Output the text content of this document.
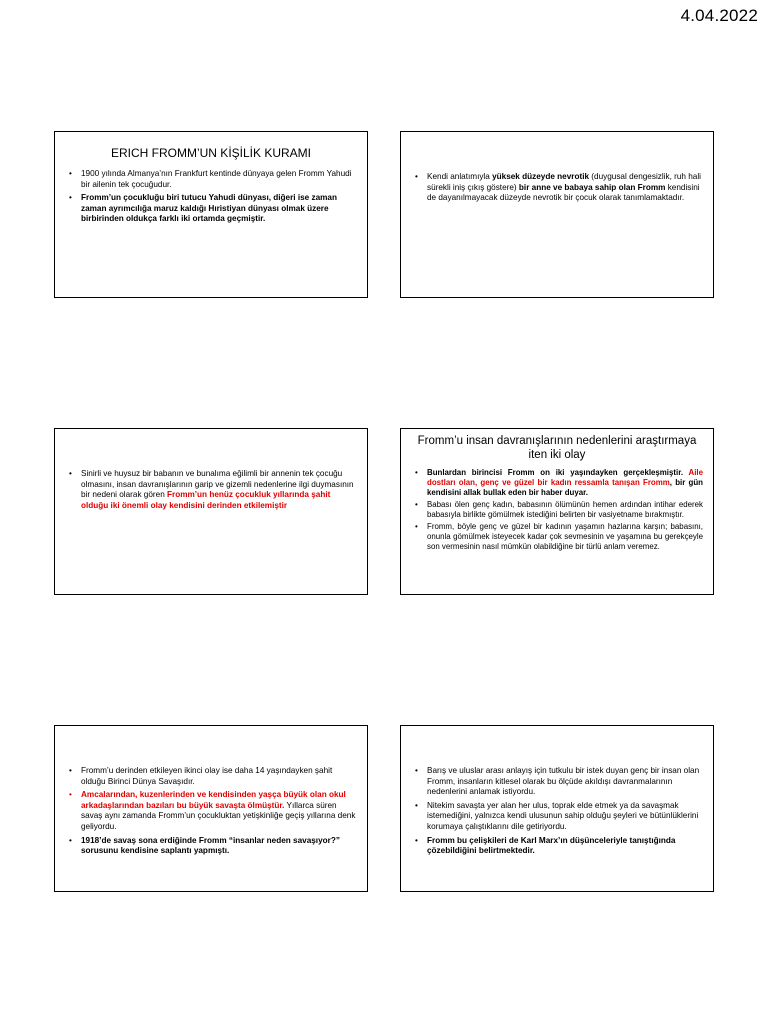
4.04.2022
ERICH FROMM’UN KİŞİLİK KURAMI
• 1900 yılında Almanya’nın Frankfurt kentinde dünyaya gelen Fromm Yahudi bir ailenin tek çocuğudur.
• Fromm’un çocukluğu biri tutucu Yahudi dünyası, diğeri ise zaman zaman ayrımcılığa maruz kaldığı Hıristiyan dünyası olmak üzere birbirinden oldukça farklı iki ortamda geçmiştir.
• Kendi anlatımıyla yüksek düzeyde nevrotik (duygusal dengesizlik, ruh hali sürekli iniş çıkış göstere) bir anne ve babaya sahip olan Fromm kendisini de dayanılmayacak düzeyde nevrotik bir çocuk olarak tanımlamaktadır.
• Sinirli ve huysuz bir babanın ve bunalıma eğilimli bir annenin tek çocuğu olmasını, insan davranışlarının garip ve gizemli nedenlerine ilgi duymasının bir nedeni olarak gören Fromm’un henüz çocukluk yıllarında şahit olduğu iki önemli olay kendisini derinden etkilemiştir
Fromm’u insan davranışlarının nedenlerini araştırmaya iten iki olay
• Bunlardan birincisi Fromm on iki yaşındayken gerçekleşmiştir. Aile dostları olan, genç ve güzel bir kadın ressamla tanışan Fromm, bir gün kendisini allak bullak eden bir haber duyar.
• Babası ölen genç kadın, babasının ölümünün hemen ardından intihar ederek babasıyla birlikte gömülmek istediğini belirten bir vasiyetname bırakmıştır.
• Fromm, böyle genç ve güzel bir kadının yaşamın hazlarına karşın; babasını, onunla gömülmek isteyecek kadar çok sevmesinin ve yaşamına bu gerekçeyle son vermesinin nasıl mümkün olabildiğine bir türlü anlam veremez.
• Fromm’u derinden etkileyen ikinci olay ise daha 14 yaşındayken şahit olduğu Birinci Dünya Savaşıdır.
• Amcalarından, kuzenlerinden ve kendisinden yaşça büyük olan okul arkadaşlarından bazıları bu büyük savaşta ölmüştür. Yıllarca süren savaş aynı zamanda Fromm’un çocukluktan yetişkinliğe geçiş yıllarına denk geliyordu.
• 1918’de savaş sona erdiğinde Fromm “insanlar neden savaşıyor?” sorusunu kendisine saplantı yapmıştı.
• Barış ve uluslar arası anlayış için tutkulu bir istek duyan genç bir insan olan Fromm, insanların kitlesel olarak bu ölçüde akıldışı davranmalarının nedenlerini anlamak istiyordu.
• Nitekim savaşta yer alan her ulus, toprak elde etmek ya da savaşmak istemediğini, yalnızca kendi ulusunun sahip olduğu şeyleri ve bütünlüklerini korumaya çalıştıklarını dile getiriyordu.
• Fromm bu çelişkileri de Karl Marx’ın düşünceleriyle tanıştığında çözebildiğini belirtmektedir.
